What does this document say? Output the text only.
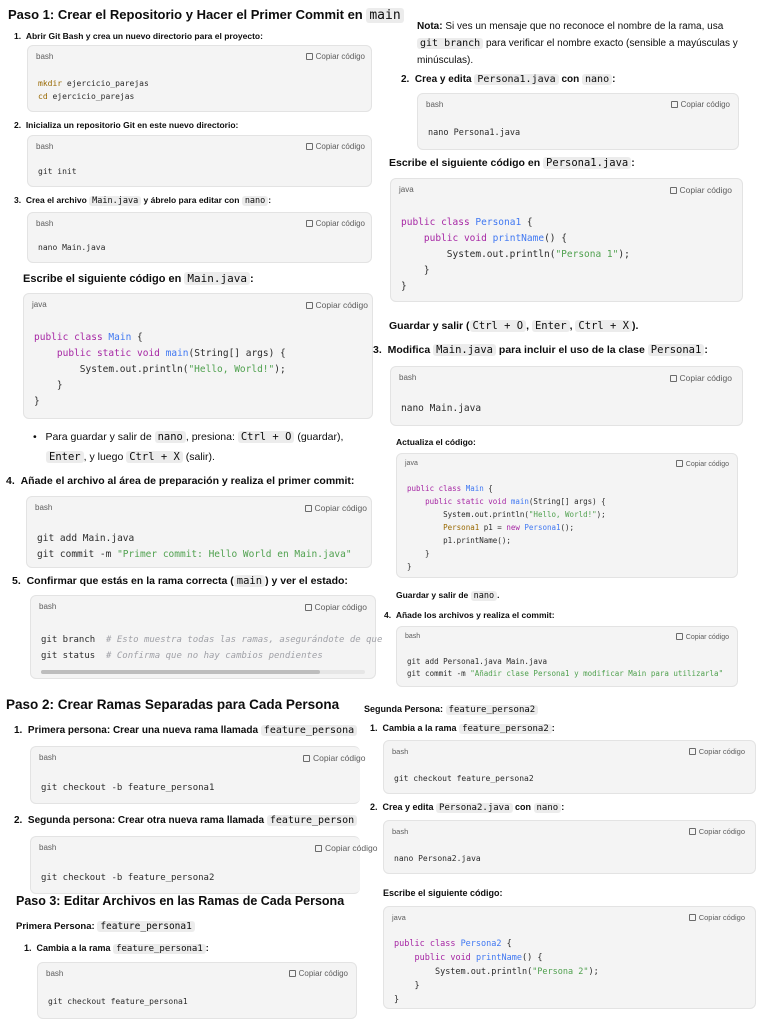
Paso 1: Crear el Repositorio y Hacer el Primer Commit en main
1.  Abrir Git Bash y crea un nuevo directorio para el proyecto:
bash	Copiar código
mkdir ejercicio_parejas
cd ejercicio_parejas
2.  Inicializa un repositorio Git en este nuevo directorio:
bash	Copiar código
git init
3.  Crea el archivo Main.java y ábrelo para editar con nano :
bash	Copiar código
nano Main.java
Escribe el siguiente código en Main.java :
java	Copiar código
public class Main {
public static void main(String[] args) {
System.out.println("Hello, World!");
}
}
•   Para guardar y salir de nano , presiona: Ctrl + O (guardar),
Enter , y luego Ctrl + X (salir).
4.  Añade el archivo al área de preparación y realiza el primer commit:
bash	Copiar código
git add Main.java
git commit -m "Primer commit: Hello World en Main.java"
5.  Confirmar que estás en la rama correcta ( main ) y ver el estado:
bash	Copiar código
git branch # Esto muestra todas las ramas, asegurándote de que
git status # Confirma que no hay cambios pendientes
Paso 2: Crear Ramas Separadas para Cada Persona
1.  Primera persona: Crear una nueva rama llamada feature_persona
bash	Copiar código
git checkout -b feature_persona1
2.  Segunda persona: Crear otra nueva rama llamada feature_person
bash	Copiar código
git checkout -b feature_persona2
Paso 3: Editar Archivos en las Ramas de Cada Persona
Primera Persona: feature_persona1
1.  Cambia a la rama feature_persona1 :
bash	Copiar código
git checkout feature_persona1
Nota: Si ves un mensaje que no reconoce el nombre de la rama, usa
git branch para verificar el nombre exacto (sensible a mayúsculas y
minúsculas).
2.  Crea y edita Persona1.java con nano :
bash	Copiar código
nano Persona1.java
Escribe el siguiente código en Persona1.java :
java	Copiar código
public class Persona1 {
public void printName() {
System.out.println("Persona 1");
}
}
Guardar y salir ( Ctrl + O , Enter , Ctrl + X ).
3.  Modifica Main.java para incluir el uso de la clase Persona1 :
bash	Copiar código
nano Main.java
Actualiza el código:
java	Copiar código
public class Main {
public static void main(String[] args) {
System.out.println("Hello, World!");
Persona1 p1 = new Persona1();
p1.printName();
}
}
Guardar y salir de nano .
4.  Añade los archivos y realiza el commit:
bash	Copiar código
git add Persona1.java Main.java
git commit -m "Añadir clase Persona1 y modificar Main para utilizarla"
Segunda Persona: feature_persona2
1.  Cambia a la rama feature_persona2 :
bash	Copiar código
git checkout feature_persona2
2.  Crea y edita Persona2.java con nano :
bash	Copiar código
nano Persona2.java
Escribe el siguiente código:
java	Copiar código
public class Persona2 {
public void printName() {
System.out.println("Persona 2");
}
}
